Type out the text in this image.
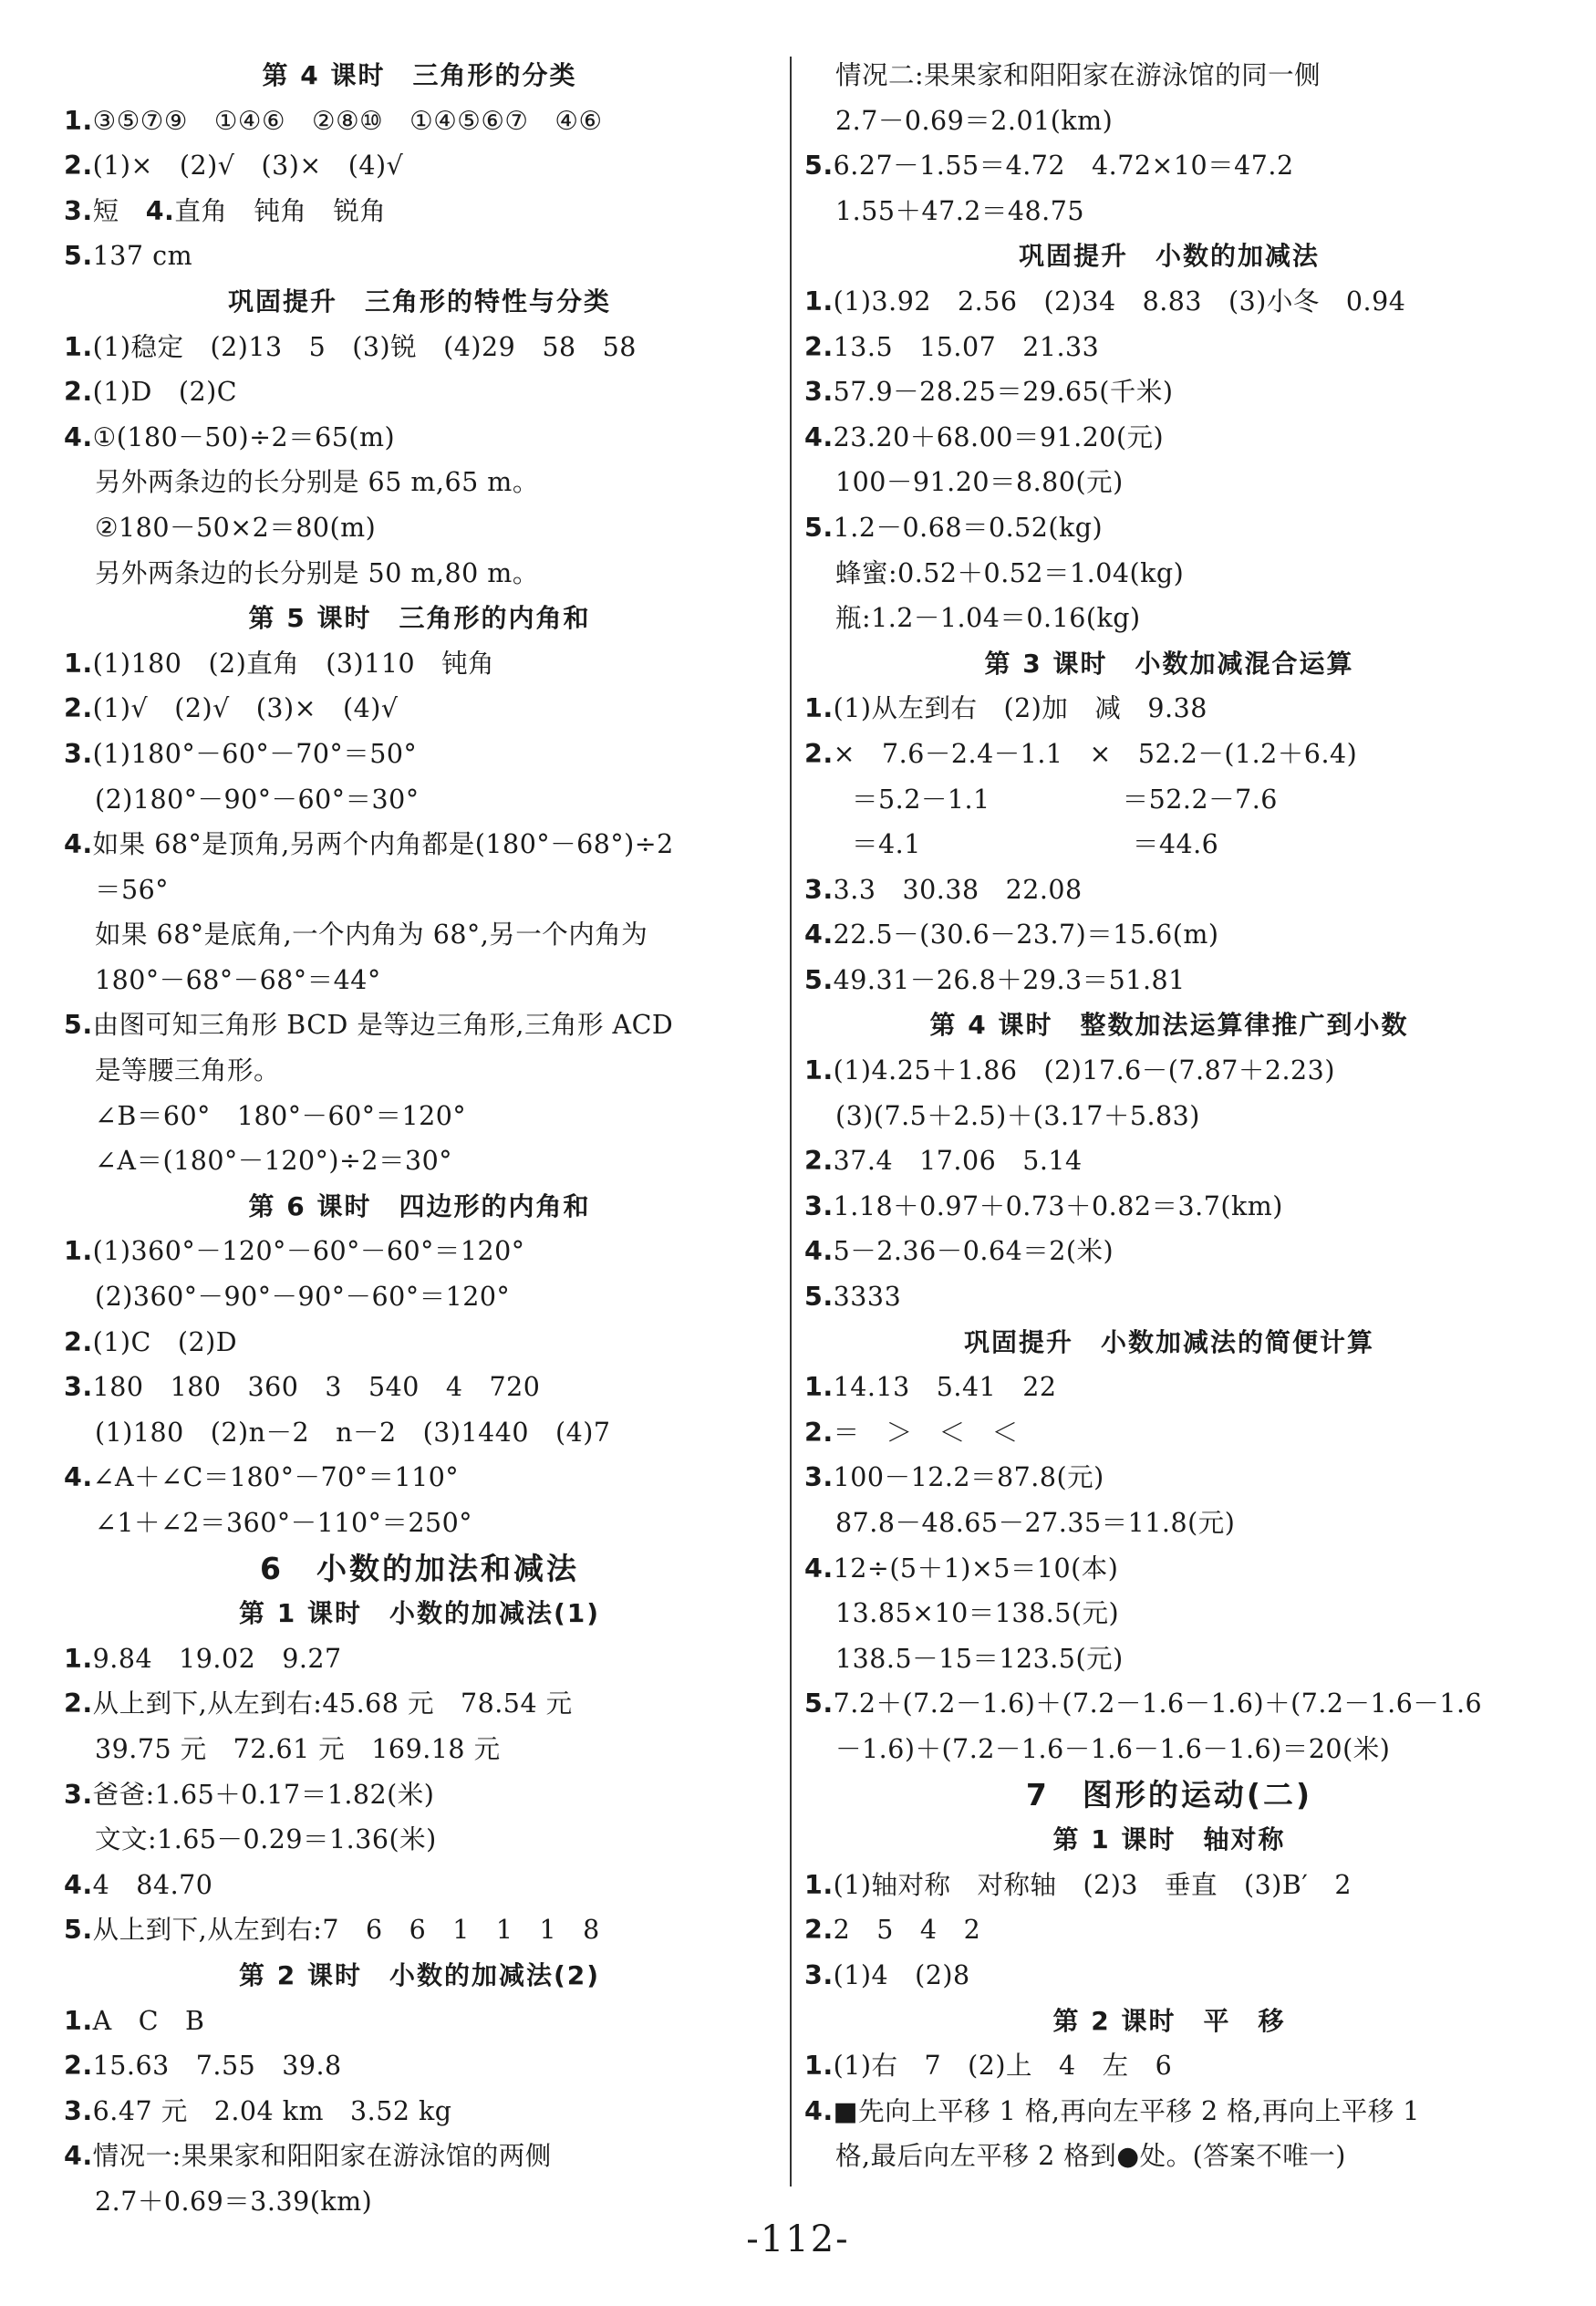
第 4 课时　三角形的分类
1.③⑤⑦⑨　①④⑥　②⑧⑩　①④⑤⑥⑦　④⑥
2.(1)×　(2)√　(3)×　(4)√
3.短　4.直角　钝角　锐角
5.137 cm
巩固提升　三角形的特性与分类
1.(1)稳定　(2)13　5　(3)锐　(4)29　58　58
2.(1)D　(2)C
4.①(180－50)÷2＝65(m)
另外两条边的长分别是 65 m,65 m。
②180－50×2＝80(m)
另外两条边的长分别是 50 m,80 m。
第 5 课时　三角形的内角和
1.(1)180　(2)直角　(3)110　钝角
2.(1)√　(2)√　(3)×　(4)√
3.(1)180°－60°－70°＝50°
(2)180°－90°－60°＝30°
4.如果 68°是顶角,另两个内角都是(180°－68°)÷2
＝56°
如果 68°是底角,一个内角为 68°,另一个内角为
180°－68°－68°＝44°
5.由图可知三角形 BCD 是等边三角形,三角形 ACD
是等腰三角形。
∠B＝60°　180°－60°＝120°
∠A＝(180°－120°)÷2＝30°
第 6 课时　四边形的内角和
1.(1)360°－120°－60°－60°＝120°
(2)360°－90°－90°－60°＝120°
2.(1)C　(2)D
3.180　180　360　3　540　4　720
(1)180　(2)n－2　n－2　(3)1440　(4)7
4.∠A＋∠C＝180°－70°＝110°
∠1＋∠2＝360°－110°＝250°
6　小数的加法和减法
第 1 课时　小数的加减法(1)
1.9.84　19.02　9.27
2.从上到下,从左到右:45.68 元　78.54 元
39.75 元　72.61 元　169.18 元
3.爸爸:1.65＋0.17＝1.82(米)
文文:1.65－0.29＝1.36(米)
4.4　84.70
5.从上到下,从左到右:7　6　6　1　1　1　8
第 2 课时　小数的加减法(2)
1.A　C　B
2.15.63　7.55　39.8
3.6.47 元　2.04 km　3.52 kg
4.情况一:果果家和阳阳家在游泳馆的两侧
2.7＋0.69＝3.39(km)
情况二:果果家和阳阳家在游泳馆的同一侧
2.7－0.69＝2.01(km)
5.6.27－1.55＝4.72　4.72×10＝47.2
1.55＋47.2＝48.75
巩固提升　小数的加减法
1.(1)3.92　2.56　(2)34　8.83　(3)小冬　0.94
2.13.5　15.07　21.33
3.57.9－28.25＝29.65(千米)
4.23.20＋68.00＝91.20(元)
100－91.20＝8.80(元)
5.1.2－0.68＝0.52(kg)
蜂蜜:0.52＋0.52＝1.04(kg)
瓶:1.2－1.04＝0.16(kg)
第 3 课时　小数加减混合运算
1.(1)从左到右　(2)加　减　9.38
2.×　7.6－2.4－1.1　×　52.2－(1.2＋6.4)
＝5.2－1.1　　　　　＝52.2－7.6
＝4.1　　　　　　　　＝44.6
3.3.3　30.38　22.08
4.22.5－(30.6－23.7)＝15.6(m)
5.49.31－26.8＋29.3＝51.81
第 4 课时　整数加法运算律推广到小数
1.(1)4.25＋1.86　(2)17.6－(7.87＋2.23)
(3)(7.5＋2.5)＋(3.17＋5.83)
2.37.4　17.06　5.14
3.1.18＋0.97＋0.73＋0.82＝3.7(km)
4.5－2.36－0.64＝2(米)
5.3333
巩固提升　小数加减法的简便计算
1.14.13　5.41　22
2.＝　＞　＜　＜
3.100－12.2＝87.8(元)
87.8－48.65－27.35＝11.8(元)
4.12÷(5＋1)×5＝10(本)
13.85×10＝138.5(元)
138.5－15＝123.5(元)
5.7.2＋(7.2－1.6)＋(7.2－1.6－1.6)＋(7.2－1.6－1.6
－1.6)＋(7.2－1.6－1.6－1.6－1.6)＝20(米)
7　图形的运动(二)
第 1 课时　轴对称
1.(1)轴对称　对称轴　(2)3　垂直　(3)B′　2
2.2　5　4　2
3.(1)4　(2)8
第 2 课时　平　移
1.(1)右　7　(2)上　4　左　6
4.■先向上平移 1 格,再向左平移 2 格,再向上平移 1
格,最后向左平移 2 格到●处。(答案不唯一)
-112-
